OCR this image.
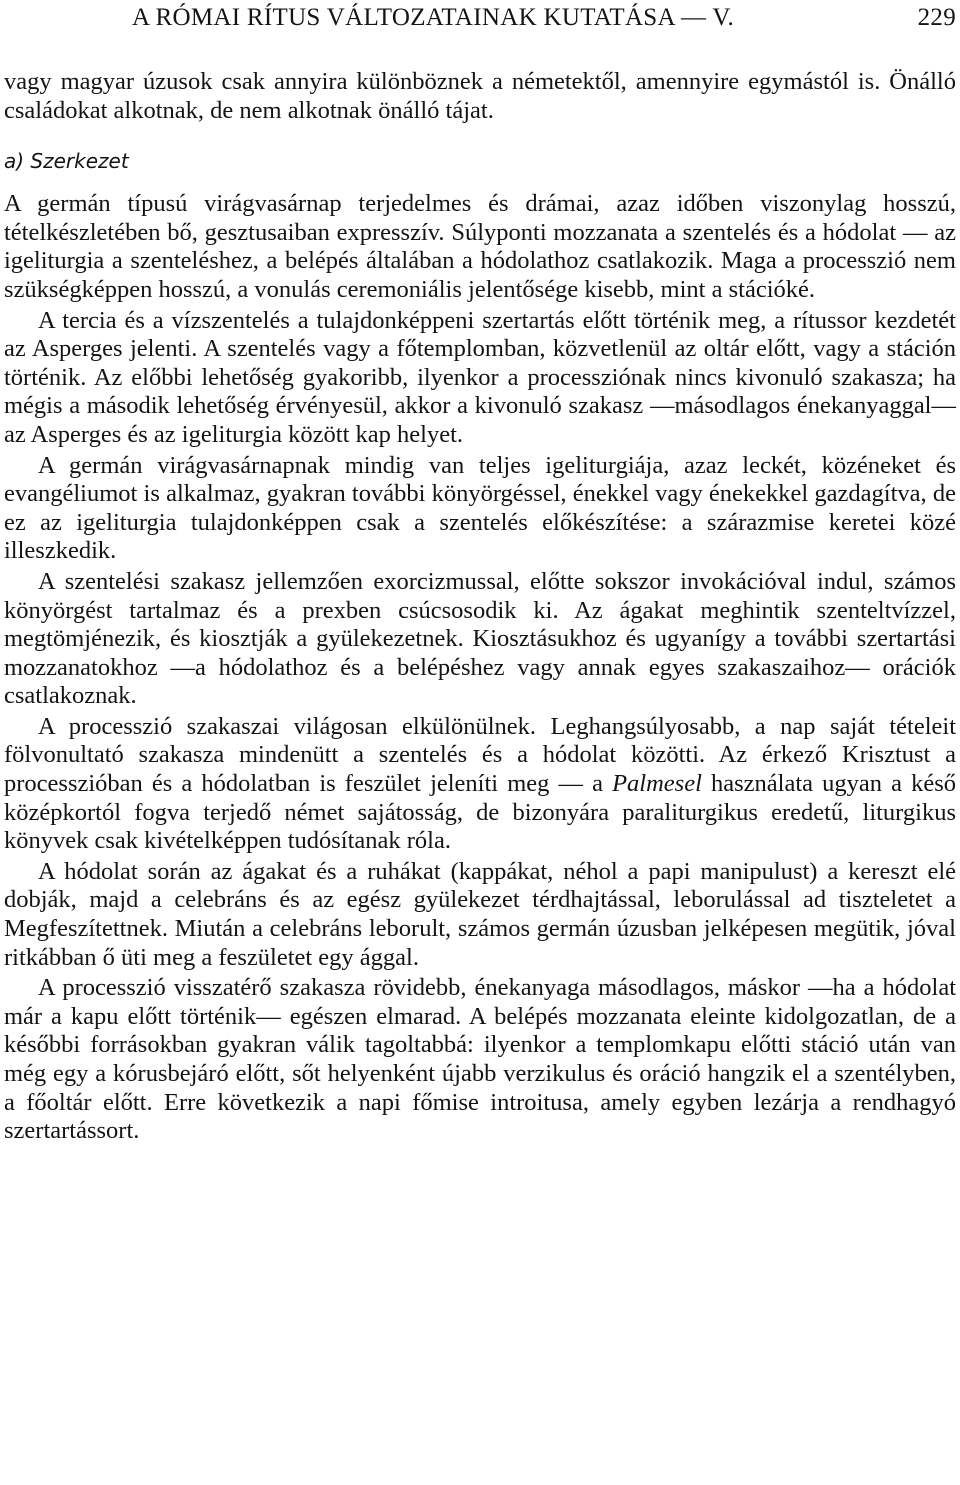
A RÓMAI RÍTUS VÁLTOZATAINAK KUTATÁSA — V.	229

vagy magyar úzusok csak annyira különböznek a németektől, amennyire egymástól is. Önálló családokat alkotnak, de nem alkotnak önálló tájat.

a) Szerkezet

A germán típusú virágvasárnap terjedelmes és drámai, azaz időben viszonylag hosszú, tételkészletében bő, gesztusaiban expresszív. Súlyponti mozzanata a szentelés és a hódolat — az igeliturgia a szenteléshez, a belépés általában a hódolathoz csatlakozik. Maga a processzió nem szükségképpen hosszú, a vonulás ceremoniális jelentősége kisebb, mint a stációké.

A tercia és a vízszentelés a tulajdonképpeni szertartás előtt történik meg, a rítussor kezdetét az Asperges jelenti. A szentelés vagy a főtemplomban, közvetlenül az oltár előtt, vagy a stáción történik. Az előbbi lehetőség gyakoribb, ilyenkor a processziónak nincs kivonuló szakasza; ha mégis a második lehetőség érvényesül, akkor a kivonuló szakasz —másodlagos énekanyaggal— az Asperges és az igeliturgia között kap helyet.

A germán virágvasárnapnak mindig van teljes igeliturgiája, azaz leckét, közéneket és evangéliumot is alkalmaz, gyakran további könyörgéssel, énekkel vagy énekekkel gazdagítva, de ez az igeliturgia tulajdonképpen csak a szentelés előkészítése: a szárazmise keretei közé illeszkedik.

A szentelési szakasz jellemzően exorcizmussal, előtte sokszor invokációval indul, számos könyörgést tartalmaz és a prexben csúcsosodik ki. Az ágakat meghintik szenteltvízzel, megtömjénezik, és kiosztják a gyülekezetnek. Kiosztásukhoz és ugyanígy a további szertartási mozzanatokhoz —a hódolathoz és a belépéshez vagy annak egyes szakaszaihoz— orációk csatlakoznak.

A processzió szakaszai világosan elkülönülnek. Leghangsúlyosabb, a nap saját tételeit fölvonultató szakasza mindenütt a szentelés és a hódolat közötti. Az érkező Krisztust a processzióban és a hódolatban is feszület jeleníti meg — a Palmesel használata ugyan a késő középkortól fogva terjedő német sajátosság, de bizonyára paraliturgikus eredetű, liturgikus könyvek csak kivételképpen tudósítanak róla.

A hódolat során az ágakat és a ruhákat (kappákat, néhol a papi manipulust) a kereszt elé dobják, majd a celebráns és az egész gyülekezet térdhajtással, leborulással ad tiszteletet a Megfeszítettnek. Miután a celebráns leborult, számos germán úzusban jelképesen megütik, jóval ritkábban ő üti meg a feszületet egy ággal.

A processzió visszatérő szakasza rövidebb, énekanyaga másodlagos, máskor —ha a hódolat már a kapu előtt történik— egészen elmarad. A belépés mozzanata eleinte kidolgozatlan, de a későbbi forrásokban gyakran válik tagoltabbá: ilyenkor a templomkapu előtti stáció után van még egy a kórusbejáró előtt, sőt helyenként újabb verzikulus és oráció hangzik el a szentélyben, a főoltár előtt. Erre következik a napi főmise introitusa, amely egyben lezárja a rendhagyó szertartássort.
